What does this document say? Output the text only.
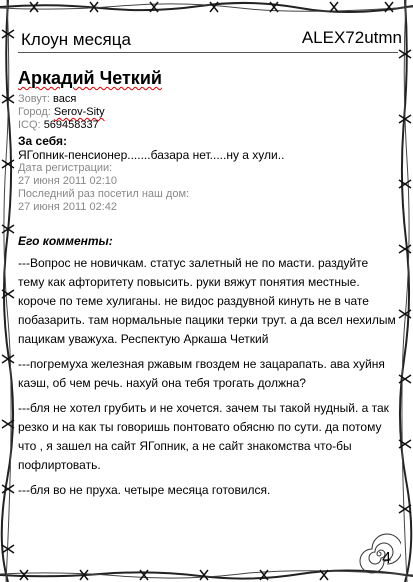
Клоун месяца	ALEX72utmn
Аркадий Четкий
Зовут: вася
Город: Serov-Sity
ICQ: 569458337
За себя:
ЯГопник-пенсионер.......базара нет.....ну а хули..
Дата регистрации:
27 июня 2011 02:10
Последний раз посетил наш дом:
27 июня 2011 02:42
Его комменты:
---Вопрос не новичкам. статус залетный не по масти. раздуйте тему как афторитету повысить. руки вяжут понятия местные. короче по теме хулиганы. не видос раздувной кинуть не в чате побазарить. там нормальные пацики терки трут. а да всел нехилым пацикам уважуха. Респектую Аркаша Четкий
---погремуха железная ржавым гвоздем не зацарапать. ава хуйня каэш, об чем речь. нахуй она тебя трогать должна?
---бля не хотел грубить и не хочется. зачем ты такой нудный. а так резко и на как ты говоришь понтовато обясню по сути. да потому что , я зашел на сайт ЯГопник, а не сайт знакомства что-бы пофлиртовать.
---бля во не пруха. четыре месяца готовился.
4
